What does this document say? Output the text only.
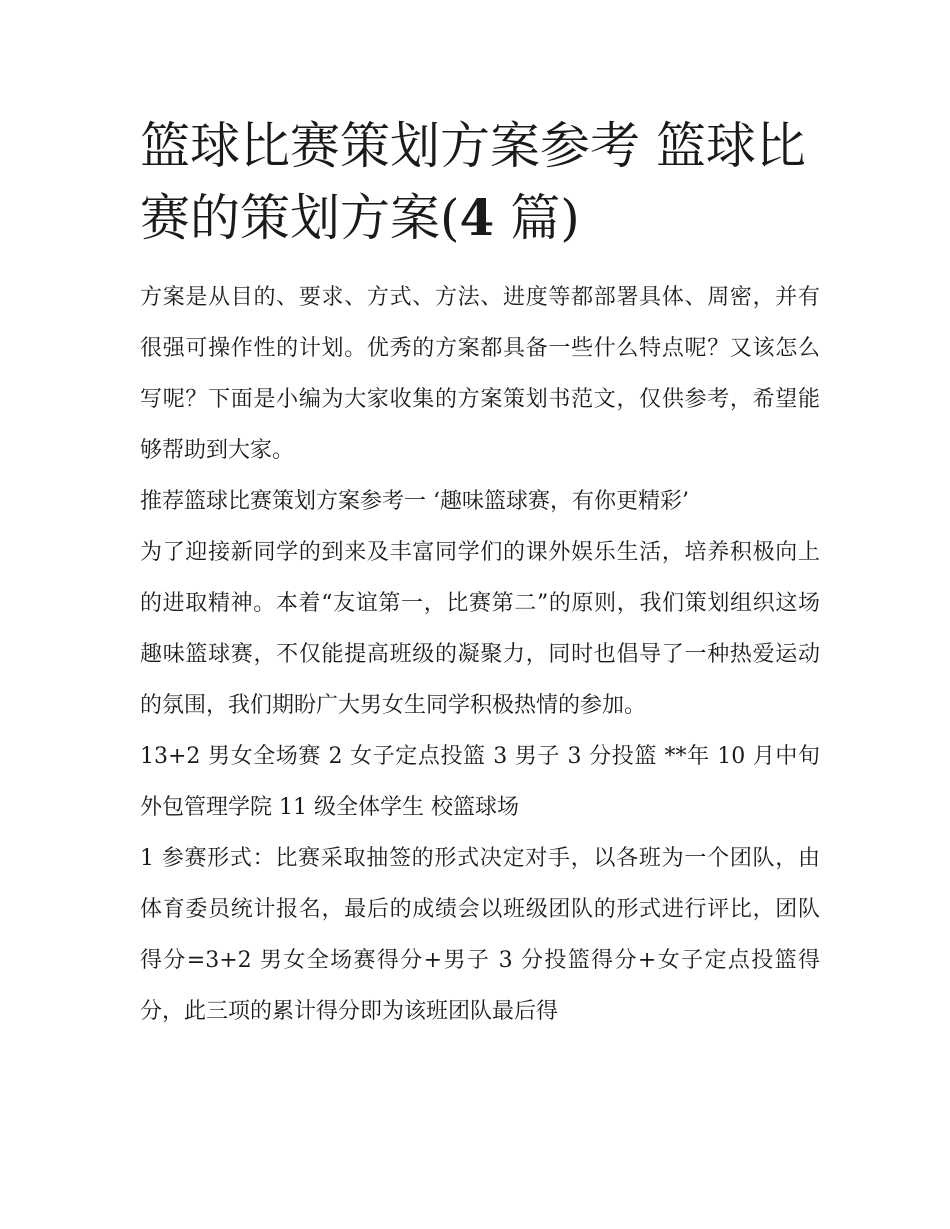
篮球比赛策划方案参考 篮球比赛的策划方案(4 篇)

方案是从目的、要求、方式、方法、进度等都部署具体、周密，并有很强可操作性的计划。优秀的方案都具备一些什么特点呢？又该怎么写呢？下面是小编为大家收集的方案策划书范文，仅供参考，希望能够帮助到大家。

推荐篮球比赛策划方案参考一 ‘趣味篮球赛，有你更精彩’

为了迎接新同学的到来及丰富同学们的课外娱乐生活，培养积极向上的进取精神。本着“友谊第一，比赛第二”的原则，我们策划组织这场趣味篮球赛，不仅能提高班级的凝聚力，同时也倡导了一种热爱运动的氛围，我们期盼广大男女生同学积极热情的参加。

13+2 男女全场赛 2 女子定点投篮 3 男子 3 分投篮 **年 10 月中旬 外包管理学院 11 级全体学生 校篮球场

1 参赛形式：比赛采取抽签的形式决定对手，以各班为一个团队，由体育委员统计报名，最后的成绩会以班级团队的形式进行评比，团队得分=3+2 男女全场赛得分+男子 3 分投篮得分+女子定点投篮得分，此三项的累计得分即为该班团队最后得
